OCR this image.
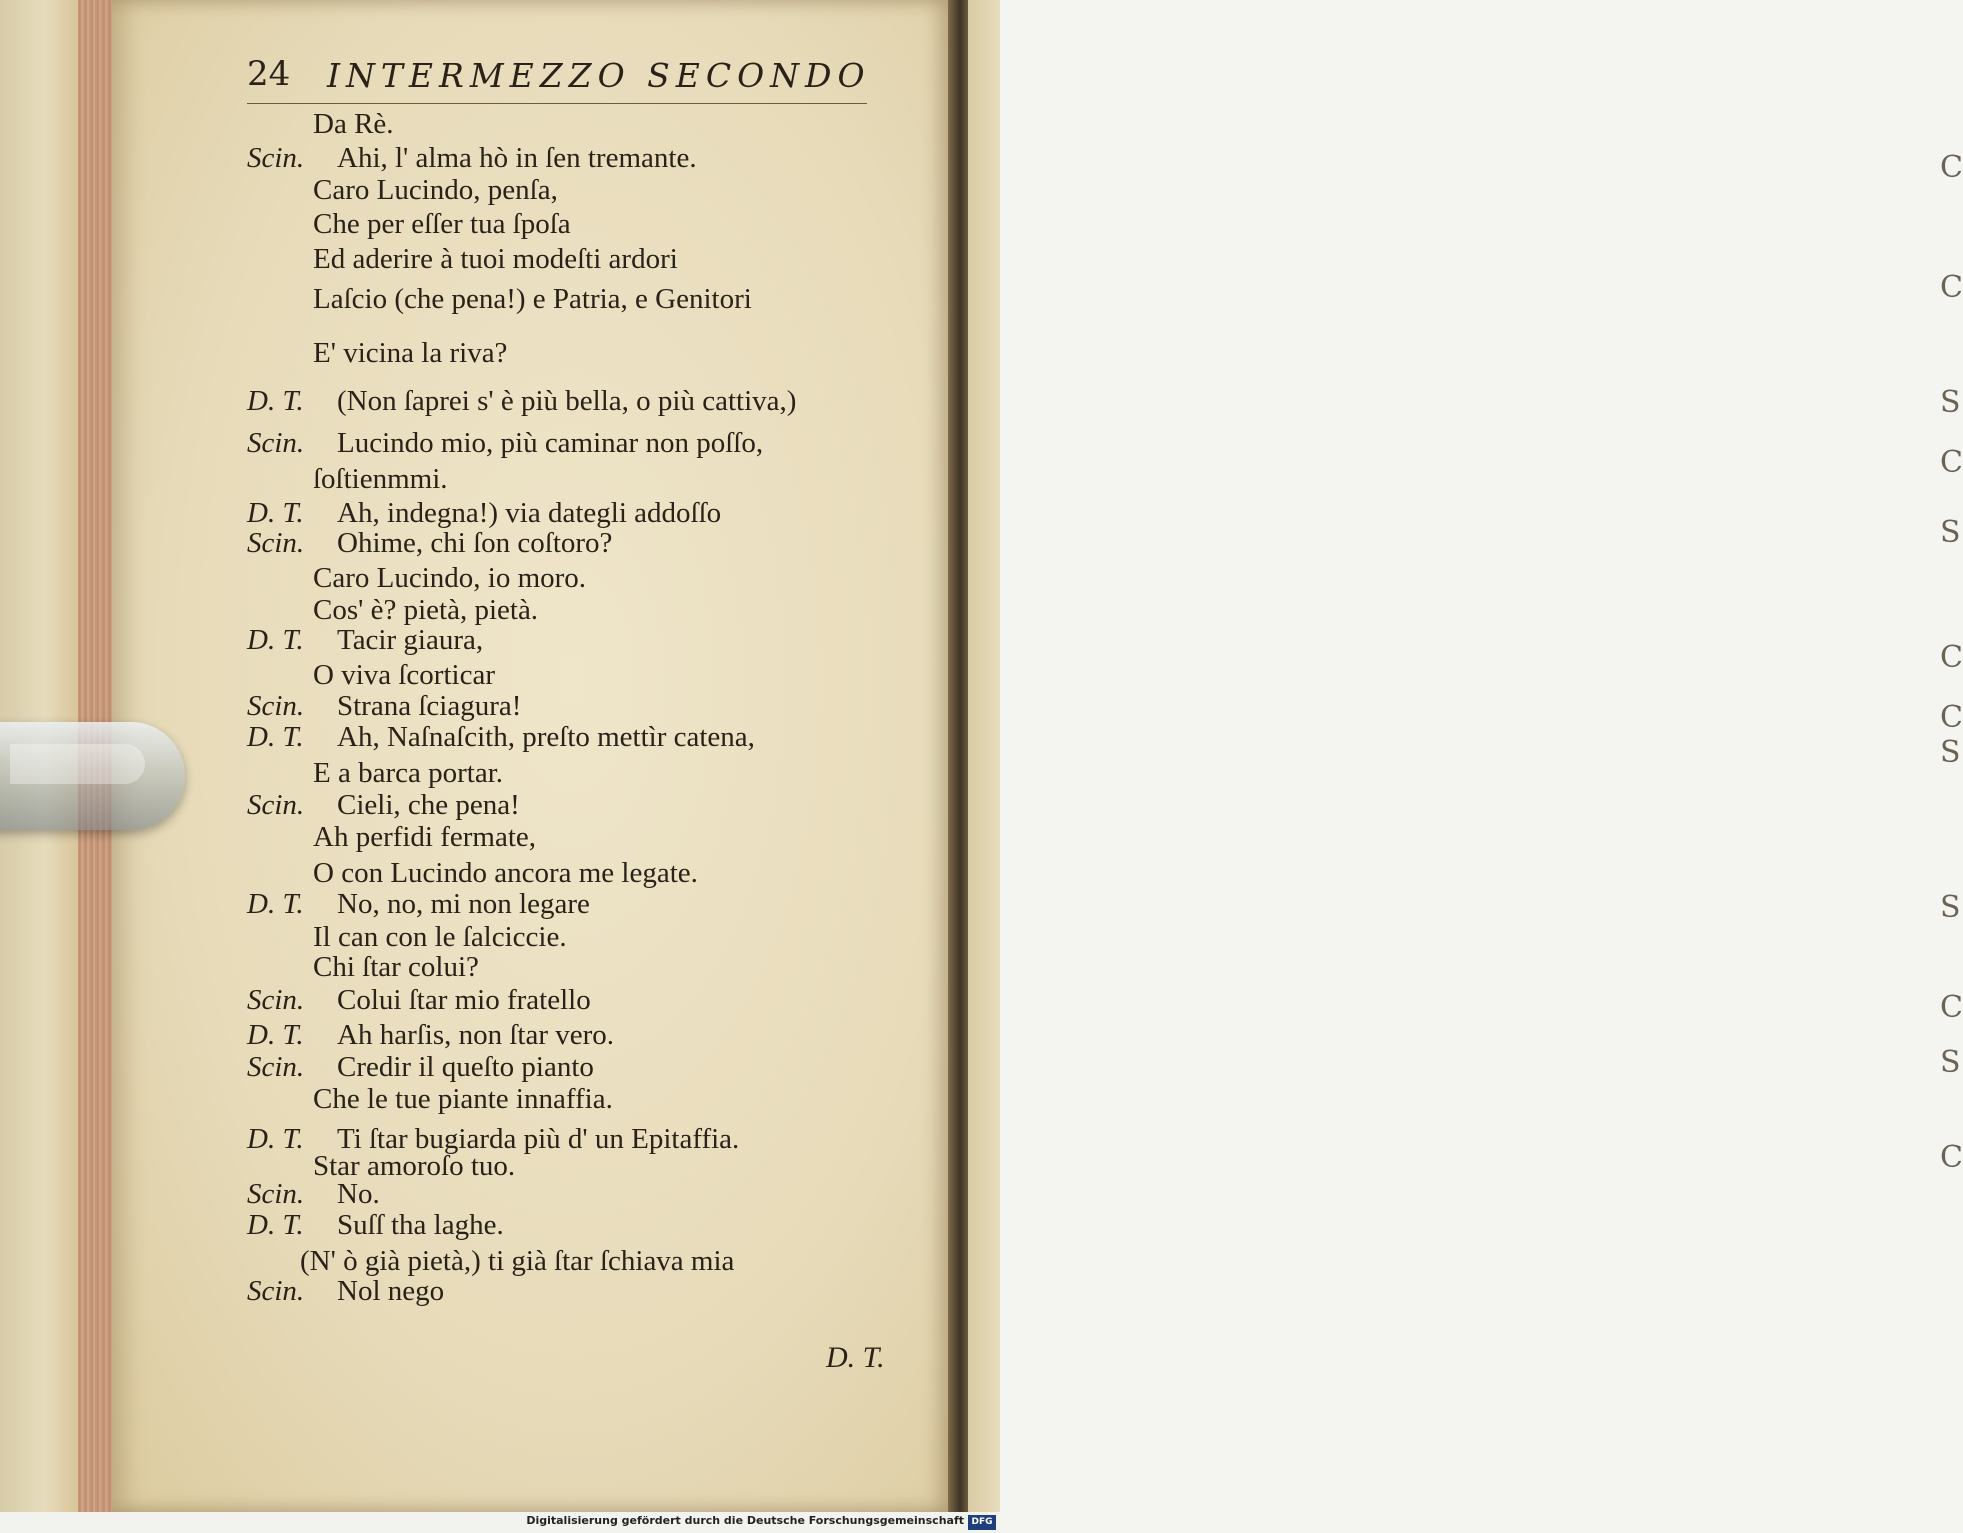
C
C
S
C
S
C
C
S
S
C
S
C
24 INTERMEZZO SECONDO
Da Rè.
Scin. Ahi, l' alma hò in ſen tremante.
Caro Lucindo, penſa,
Che per eſſer tua ſpoſa
Ed aderire à tuoi modeſti ardori
Laſcio (che pena!) e Patria, e Genitori
E' vicina la riva?
D. T. (Non ſaprei s' è più bella, o più cattiva,)
Scin. Lucindo mio, più caminar non poſſo,
ſoſtienmmi.
D. T. Ah, indegna!) via dategli addoſſo
Scin. Ohime, chi ſon coſtoro?
Caro Lucindo, io moro.
Cos' è? pietà, pietà.
D. T. Tacir giaura,
O viva ſcorticar
Scin. Strana ſciagura!
D. T. Ah, Naſnaſcith, preſto mettìr catena,
E a barca portar.
Scin. Cieli, che pena!
Ah perfidi fermate,
O con Lucindo ancora me legate.
D. T. No, no, mi non legare
Il can con le ſalciccie.
Chi ſtar colui?
Scin. Colui ſtar mio fratello
D. T. Ah harſis, non ſtar vero.
Scin. Credir il queſto pianto
Che le tue piante innaffia.
D. T. Ti ſtar bugiarda più d' un Epitaffia.
Star amoroſo tuo.
Scin. No.
D. T. Suſſ tha laghe.
(N' ò già pietà,) ti già ſtar ſchiava mia
Scin. Nol nego
D. T.
Digitalisierung gefördert durch die Deutsche Forschungsgemeinschaft DFG
